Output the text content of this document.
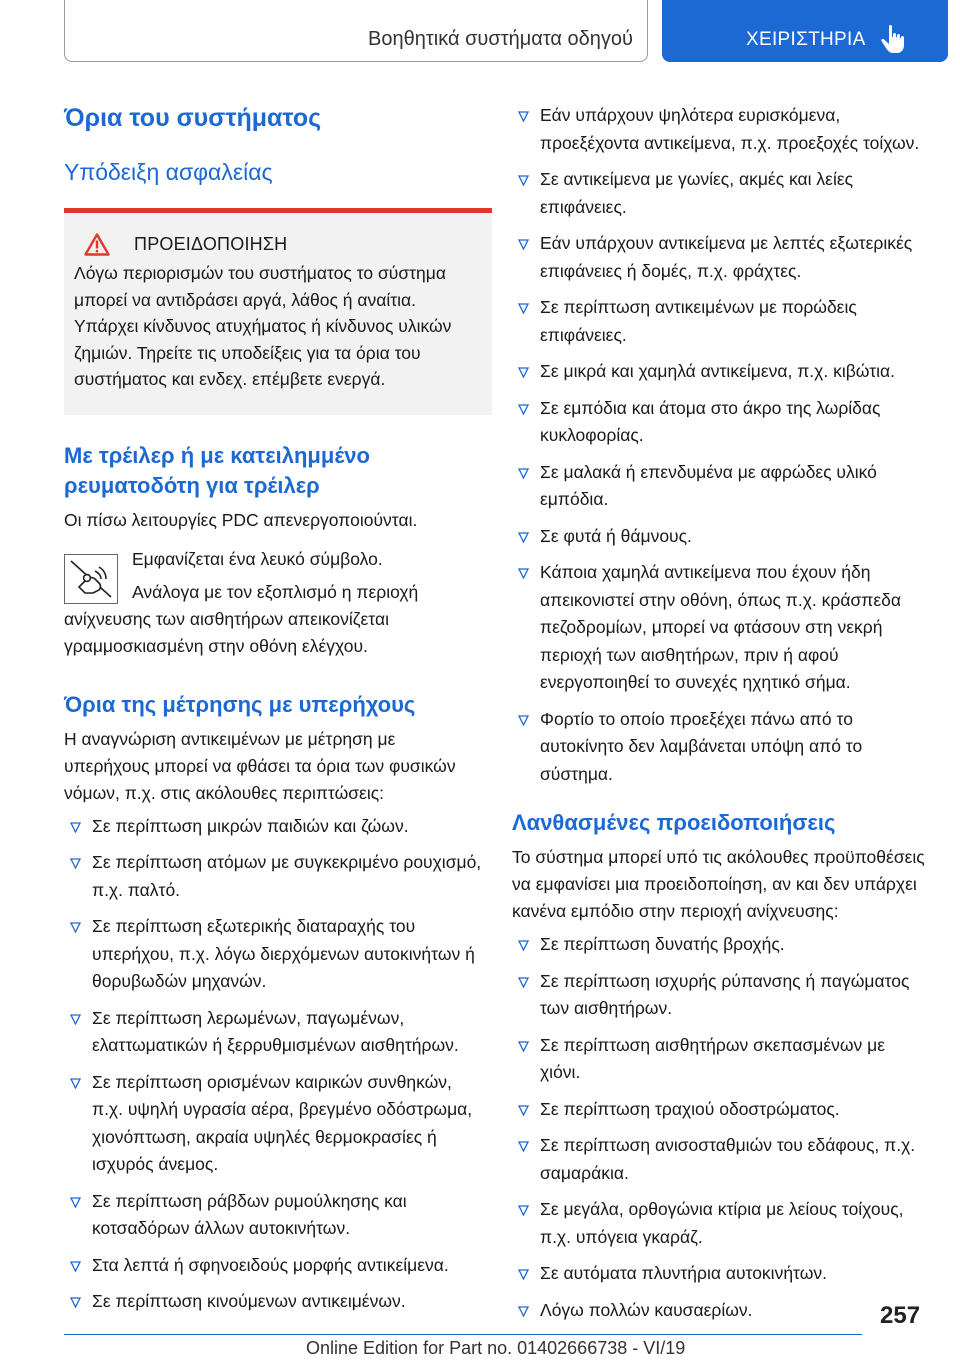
Βοηθητικά συστήματα οδηγού	ΧΕΙΡΙΣΤΗΡΙΑ
Όρια του συστήματος
Υπόδειξη ασφαλείας
ΠΡΟΕΙΔΟΠΟΙΗΣΗ

Λόγω περιορισμών του συστήματος το σύστημα μπορεί να αντιδράσει αργά, λάθος ή αναίτια. Υπάρχει κίνδυνος ατυχήματος ή κίνδυνος υλικών ζημιών. Τηρείτε τις υποδείξεις για τα όρια του συστήματος και ενδεχ. επέμβετε ενεργά.

Με τρέιλερ ή με κατειλημμένο ρευματοδότη για τρέιλερ

Οι πίσω λειτουργίες PDC απενεργοποιούνται.

Εμφανίζεται ένα λευκό σύμβολο.

Ανάλογα με τον εξοπλισμό η περιοχή ανίχνευσης των αισθητήρων απεικονίζεται γραμμοσκιασμένη στην οθόνη ελέγχου.

Όρια της μέτρησης με υπερήχους

Η αναγνώριση αντικειμένων με μέτρηση με υπερήχους μπορεί να φθάσει τα όρια των φυσικών νόμων, π.χ. στις ακόλουθες περιπτώσεις:

Σε περίπτωση μικρών παιδιών και ζώων.
Σε περίπτωση ατόμων με συγκεκριμένο ρουχισμό, π.χ. παλτό.
Σε περίπτωση εξωτερικής διαταραχής του υπερήχου, π.χ. λόγω διερχόμενων αυτοκινήτων ή θορυβωδών μηχανών.
Σε περίπτωση λερωμένων, παγωμένων, ελαττωματικών ή ξερρυθμισμένων αισθητήρων.
Σε περίπτωση ορισμένων καιρικών συνθηκών, π.χ. υψηλή υγρασία αέρα, βρεγμένο οδόστρωμα, χιονόπτωση, ακραία υψηλές θερμοκρασίες ή ισχυρός άνεμος.
Σε περίπτωση ράβδων ρυμούλκησης και κοτσαδόρων άλλων αυτοκινήτων.
Στα λεπτά ή σφηνοειδούς μορφής αντικείμενα.
Σε περίπτωση κινούμενων αντικειμένων.
Εάν υπάρχουν ψηλότερα ευρισκόμενα, προεξέχοντα αντικείμενα, π.χ. προεξοχές τοίχων.
Σε αντικείμενα με γωνίες, ακμές και λείες επιφάνειες.
Εάν υπάρχουν αντικείμενα με λεπτές εξωτερικές επιφάνειες ή δομές, π.χ. φράχτες.
Σε περίπτωση αντικειμένων με πορώδεις επιφάνειες.
Σε μικρά και χαμηλά αντικείμενα, π.χ. κιβώτια.
Σε εμπόδια και άτομα στο άκρο της λωρίδας κυκλοφορίας.
Σε μαλακά ή επενδυμένα με αφρώδες υλικό εμπόδια.
Σε φυτά ή θάμνους.
Κάποια χαμηλά αντικείμενα που έχουν ήδη απεικονιστεί στην οθόνη, όπως π.χ. κράσπεδα πεζοδρομίων, μπορεί να φτάσουν στη νεκρή περιοχή των αισθητήρων, πριν ή αφού ενεργοποιηθεί το συνεχές ηχητικό σήμα.
Φορτίο το οποίο προεξέχει πάνω από το αυτοκίνητο δεν λαμβάνεται υπόψη από το σύστημα.
Λανθασμένες προειδοποιήσεις

Το σύστημα μπορεί υπό τις ακόλουθες προϋποθέσεις να εμφανίσει μια προειδοποίηση, αν και δεν υπάρχει κανένα εμπόδιο στην περιοχή ανίχνευσης:

Σε περίπτωση δυνατής βροχής.
Σε περίπτωση ισχυρής ρύπανσης ή παγώματος των αισθητήρων.
Σε περίπτωση αισθητήρων σκεπασμένων με χιόνι.
Σε περίπτωση τραχιού οδοστρώματος.
Σε περίπτωση ανισοσταθμιών του εδάφους, π.χ. σαμαράκια.
Σε μεγάλα, ορθογώνια κτίρια με λείους τοίχους, π.χ. υπόγεια γκαράζ.
Σε αυτόματα πλυντήρια αυτοκινήτων.
Λόγω πολλών καυσαερίων.	257
Online Edition for Part no. 01402666738 - VI/19
